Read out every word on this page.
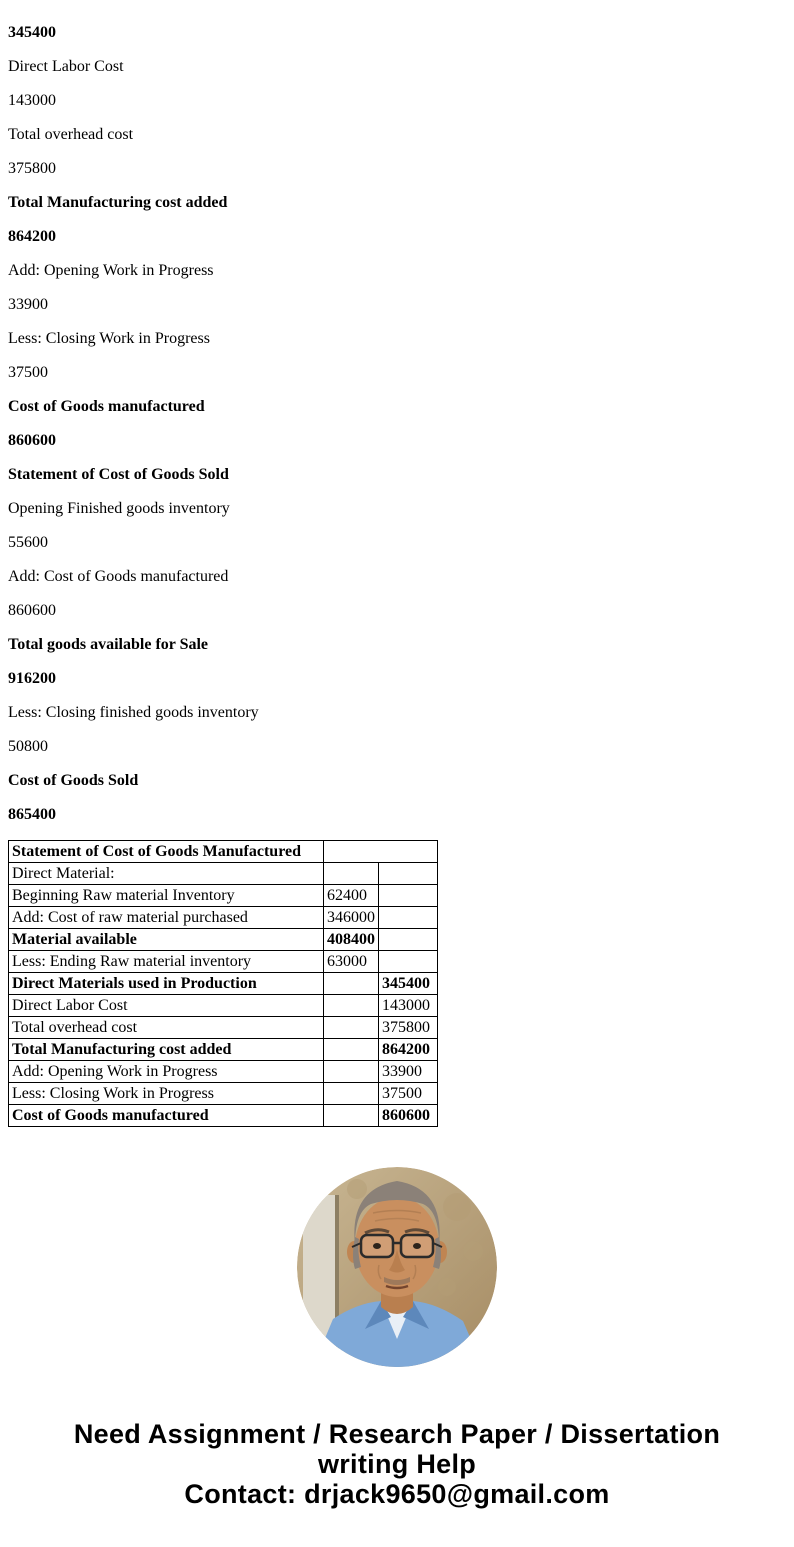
345400

Direct Labor Cost

143000

Total overhead cost

375800

Total Manufacturing cost added

864200

Add: Opening Work in Progress

33900

Less: Closing Work in Progress

37500

Cost of Goods manufactured

860600

Statement of Cost of Goods Sold

Opening Finished goods inventory

55600

Add: Cost of Goods manufactured

860600

Total goods available for Sale

916200

Less: Closing finished goods inventory

50800

Cost of Goods Sold

865400

Statement of Cost of Goods Manufactured		
Direct Material:		
Beginning Raw material Inventory	62400	
Add: Cost of raw material purchased	346000	
Material available	408400	
Less: Ending Raw material inventory	63000	
Direct Materials used in Production		345400
Direct Labor Cost		143000
Total overhead cost		375800
Total Manufacturing cost added		864200
Add: Opening Work in Progress		33900
Less: Closing Work in Progress		37500
Cost of Goods manufactured		860600
Need Assignment / Research Paper / Dissertation writing Help
Contact: drjack9650@gmail.com
